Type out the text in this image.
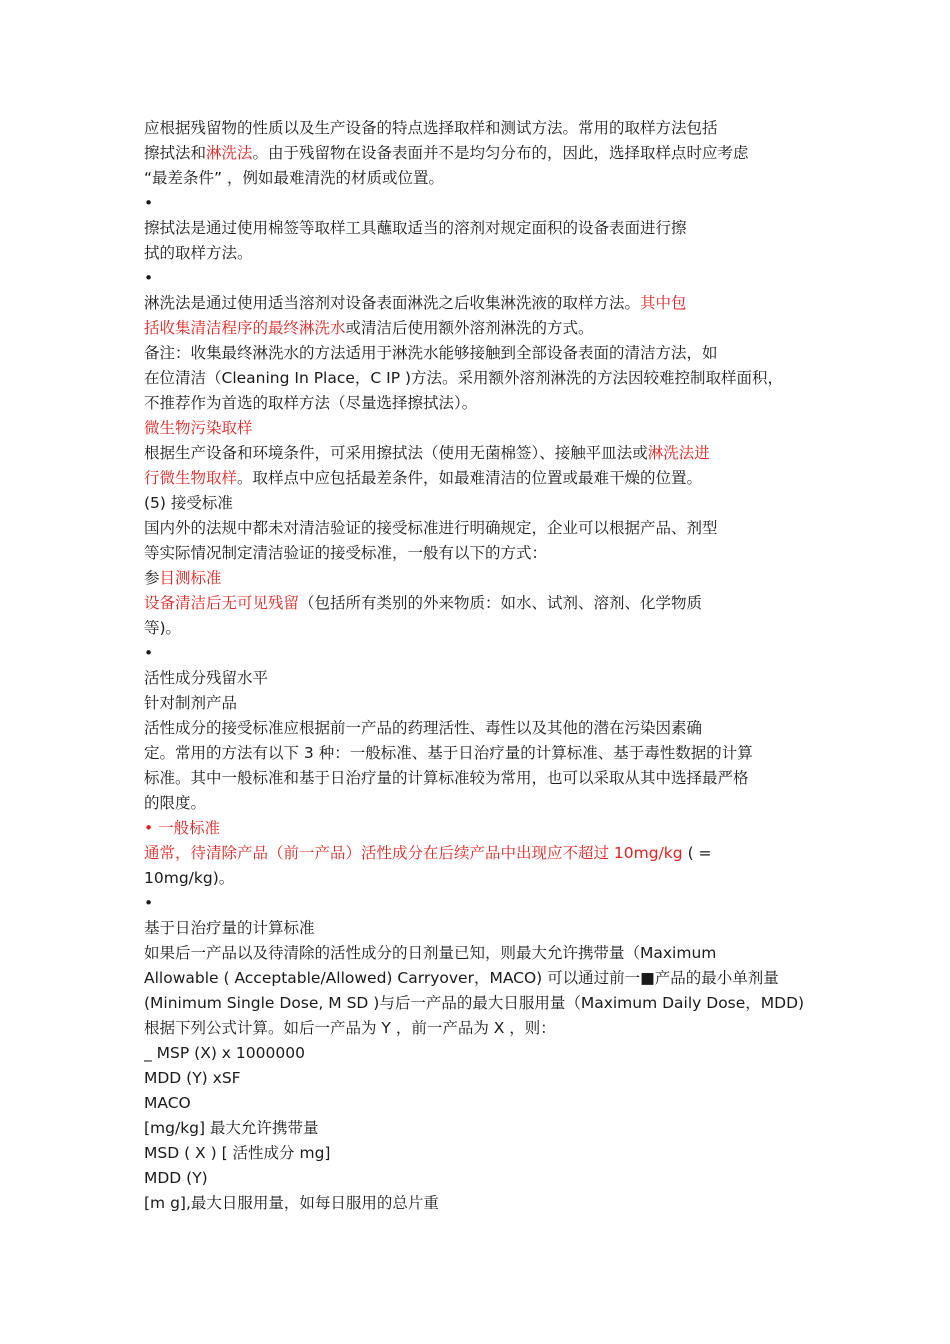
应根据残留物的性质以及生产设备的特点选择取样和测试方法。常用的取样方法包括
擦拭法和淋洗法。由于残留物在设备表面并不是均匀分布的，因此，选择取样点时应考虑
“最差条件” ，例如最难清洗的材质或位置。
•
擦拭法是通过使用棉签等取样工具蘸取适当的溶剂对规定面积的设备表面进行擦
拭的取样方法。
•
淋洗法是通过使用适当溶剂对设备表面淋洗之后收集淋洗液的取样方法。其中包
括收集清洁程序的最终淋洗水或清洁后使用额外溶剂淋洗的方式。
备注：收集最终淋洗水的方法适用于淋洗水能够接触到全部设备表面的清洁方法，如
在位清洁（Cleaning In Place，C IP )方法。采用额外溶剂淋洗的方法因较难控制取样面积，
不推荐作为首选的取样方法（尽量选择擦拭法）。
微生物污染取样
根据生产设备和环境条件，可采用擦拭法（使用无菌棉签）、接触平皿法或淋洗法进
行微生物取样。取样点中应包括最差条件，如最难清洁的位置或最难干燥的位置。
(5) 接受标准
国内外的法规中都未对清洁验证的接受标准进行明确规定，企业可以根据产品、剂型
等实际情况制定清洁验证的接受标准，一般有以下的方式：
参目测标准
设备清洁后无可见残留（包括所有类别的外来物质：如水、试剂、溶剂、化学物质
等)。
•
活性成分残留水平
针对制剂产品
活性成分的接受标准应根据前一产品的药理活性、毒性以及其他的潜在污染因素确
定。常用的方法有以下 3 种：一般标准、基于日治疗量的计算标准、基于毒性数据的计算
标准。其中一般标准和基于日治疗量的计算标准较为常用，也可以采取从其中选择最严格
的限度。
• 一般标准
通常，待清除产品（前一产品）活性成分在后续产品中出现应不超过 10mg/kg ( =
10mg/kg)。
•
基于日治疗量的计算标准
如果后一产品以及待清除的活性成分的日剂量已知，则最大允许携带量（Maximum
Allowable ( Acceptable/Allowed) Carryover，MACO) 可以通过前一■产品的最小单剂量
(Minimum Single Dose, M SD )与后一产品的最大日服用量（Maximum Daily Dose，MDD)
根据下列公式计算。如后一产品为 Y ，前一产品为 X ，则：
_ MSP (X) x 1000000
MDD (Y) xSF
MACO
[mg/kg] 最大允许携带量
MSD ( X ) [ 活性成分 mg]
MDD (Y)
[m g],最大日服用量，如每日服用的总片重
